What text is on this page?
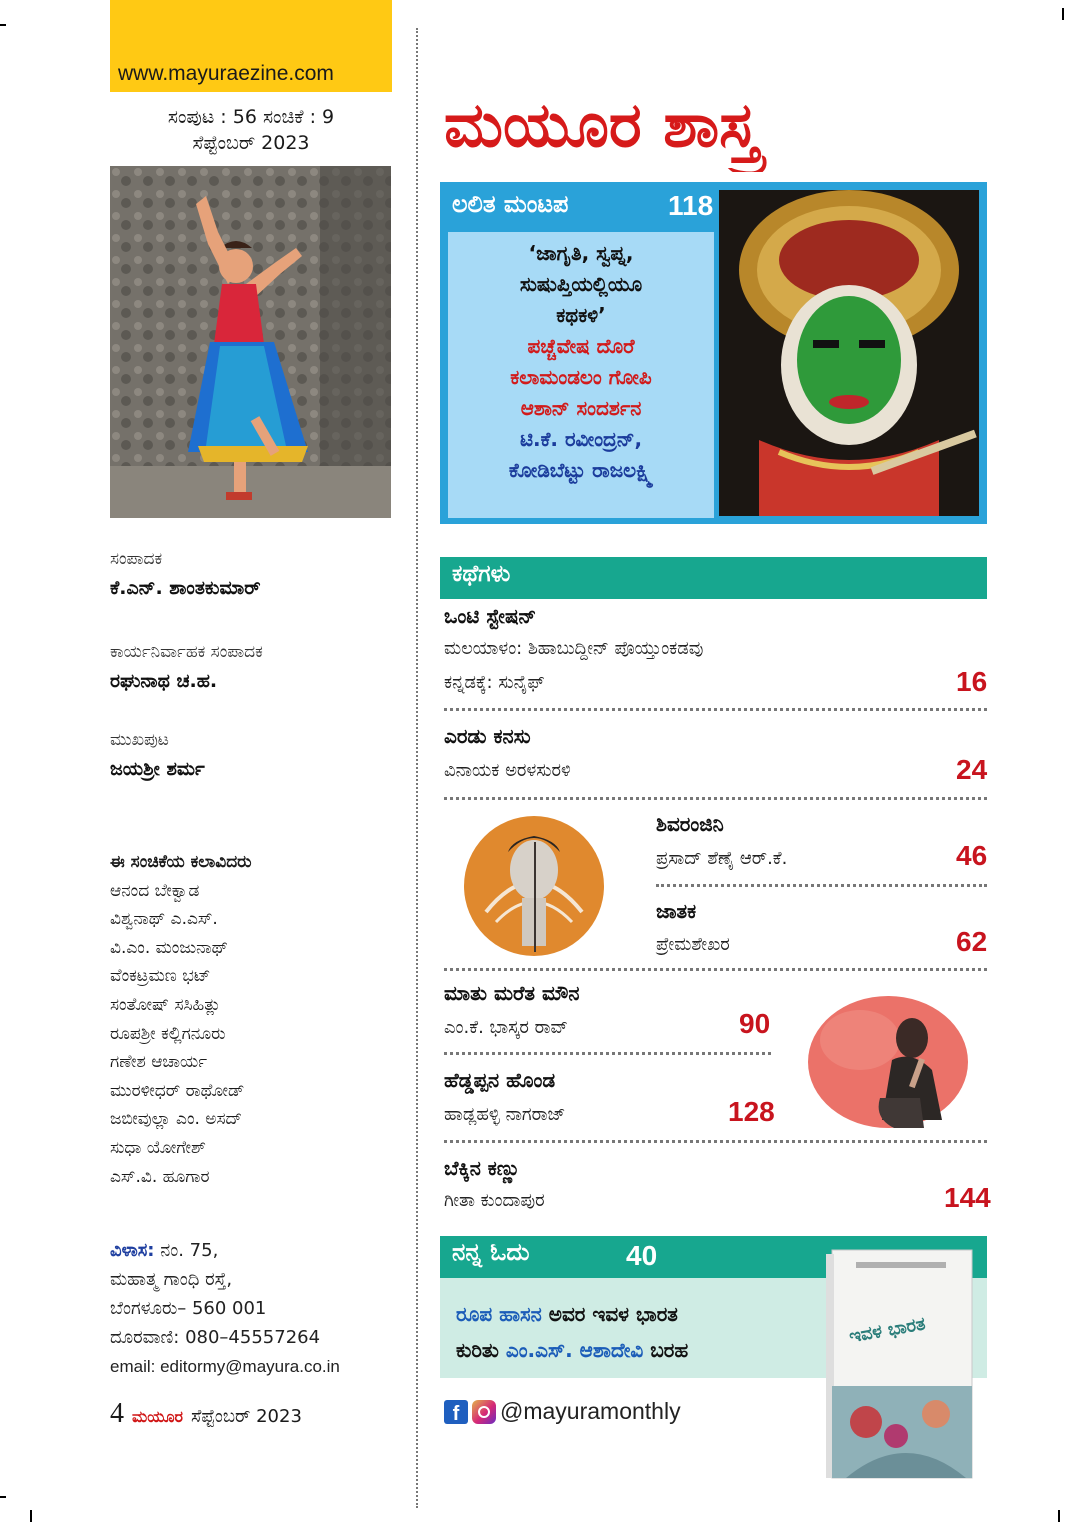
www.mayuraezine.com
ಸಂಪುಟ : 56 ಸಂಚಿಕೆ : 9
ಸೆಪ್ಟೆಂಬರ್ 2023
ಸಂಪಾದಕ
ಕೆ.ಎನ್. ಶಾಂತಕುಮಾರ್
ಕಾರ್ಯನಿರ್ವಾಹಕ ಸಂಪಾದಕ
ರಘುನಾಥ ಚ.ಹ.
ಮುಖಪುಟ
ಜಯಶ್ರೀ ಶರ್ಮ
ಈ ಸಂಚಿಕೆಯ ಕಲಾವಿದರು
ಆನಂದ ಬೇಕ್ವಾಡ
ವಿಶ್ವನಾಥ್ ಎ.ಎಸ್.
ವಿ.ಎಂ. ಮಂಜುನಾಥ್
ವೆಂಕಟ್ರಮಣ ಭಟ್
ಸಂತೋಷ್ ಸಸಿಹಿತ್ಲು
ರೂಪಶ್ರೀ ಕಲ್ಲಿಗನೂರು
ಗಣೇಶ ಆಚಾರ್ಯ
ಮುರಳೀಧರ್ ರಾಥೋಡ್
ಜಬೀವುಲ್ಲಾ ಎಂ. ಅಸದ್
ಸುಧಾ ಯೋಗೇಶ್
ಎಸ್.ವಿ. ಹೂಗಾರ
ವಿಳಾಸ: ನಂ. 75,
ಮಹಾತ್ಮ ಗಾಂಧಿ ರಸ್ತೆ,
ಬೆಂಗಳೂರು– 560 001
ದೂರವಾಣಿ: 080–45557264
email: editormy@mayura.co.in
4 ಮಯೂರ ಸೆಪ್ಟೆಂಬರ್ 2023
ಮಯೂರ ಶಾಸ್ತ್ರ
ಲಲಿತ ಮಂಟಪ	118
‘ಜಾಗೃತಿ, ಸ್ವಪ್ನ,
ಸುಷುಪ್ತಿಯಲ್ಲಿಯೂ
ಕಥಕಳಿ’
ಪಚ್ಚೆವೇಷ ದೊರೆ
ಕಲಾಮಂಡಲಂ ಗೋಪಿ
ಆಶಾನ್ ಸಂದರ್ಶನ
ಟಿ.ಕೆ. ರವೀಂದ್ರನ್,
ಕೋಡಿಬೆಟ್ಟು ರಾಜಲಕ್ಷ್ಮಿ
ಕಥೆಗಳು
ಒಂಟಿ ಸ್ಟೇಷನ್
ಮಲಯಾಳಂ: ಶಿಹಾಬುದ್ದೀನ್ ಪೊಯ್ತುಂಕಡವು
ಕನ್ನಡಕ್ಕೆ: ಸುನೈಫ್	16
ಎರಡು ಕನಸು
ವಿನಾಯಕ ಅರಳಸುರಳಿ	24
ಶಿವರಂಜಿನಿ
ಪ್ರಸಾದ್ ಶೆಣೈ ಆರ್.ಕೆ.	46
ಜಾತಕ
ಪ್ರೇಮಶೇಖರ	62
ಮಾತು ಮರೆತ ಮೌನ
ಎಂ.ಕೆ. ಭಾಸ್ಕರ ರಾವ್	90
ಹೆಡ್ಡಪ್ಪನ ಹೊಂಡ
ಹಾಡ್ಲಹಳ್ಳಿ ನಾಗರಾಜ್	128
ಬೆಕ್ಕಿನ ಕಣ್ಣು
ಗೀತಾ ಕುಂದಾಪುರ	144
ನನ್ನ ಓದು	40
ರೂಪ ಹಾಸನ ಅವರ ಇವಳ ಭಾರತ
ಕುರಿತು ಎಂ.ಎಸ್. ಆಶಾದೇವಿ ಬರಹ
ಇವಳ ಭಾರತ
f	@mayuramonthly
